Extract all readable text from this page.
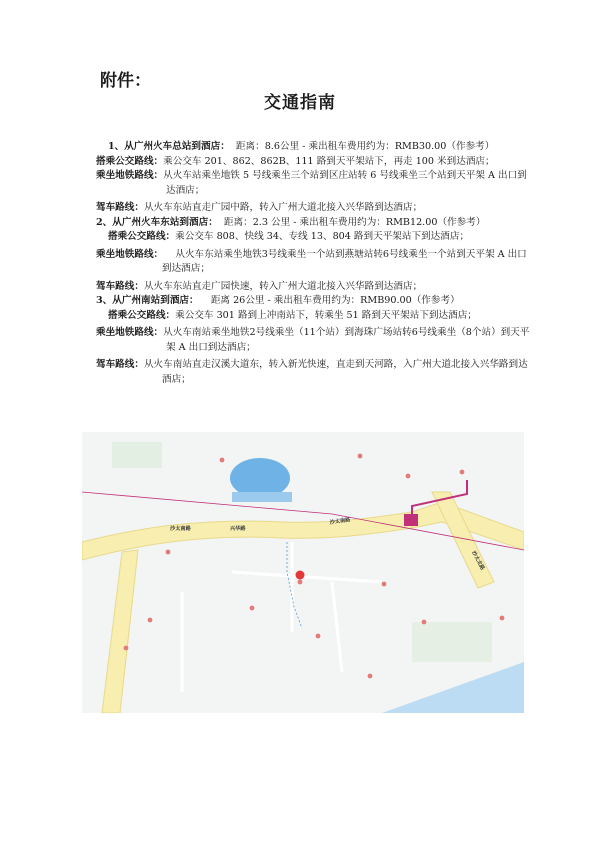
附件：
交通指南
1、从广州火车总站到酒店： 距离：8.6公里 - 乘出租车费用约为：RMB30.00（作参考）
搭乘公交路线：乘公交车 201、862、862B、111 路到天平架站下，再走 100 米到达酒店；
乘坐地铁路线：从火车站乘坐地铁 5 号线乘坐三个站到区庄站转 6 号线乘坐三个站到天平架 A 出口到达酒店；
驾车路线：从火车东站直走广园中路，转入广州大道北接入兴华路到达酒店；
2、从广州火车东站到酒店： 距离：2.3 公里 - 乘出租车费用约为：RMB12.00（作参考）
搭乘公交路线：乘公交车 808、快线 34、专线 13、804 路到天平架站下到达酒店；
乘坐地铁路线： 从火车东站乘坐地铁3号线乘坐一个站到燕塘站转6号线乘坐一个站到天平架 A 出口到达酒店；
驾车路线：从火车东站直走广园快速，转入广州大道北接入兴华路到达酒店；
3、从广州南站到酒店： 距离 26公里 - 乘出租车费用约为：RMB90.00（作参考）
搭乘公交路线：乘公交车 301 路到上冲南站下，转乘坐 51 路到天平架站下到达酒店；
乘坐地铁路线：从火车南站乘坐地铁2号线乘坐（11个站）到海珠广场站转6号线乘坐（8个站）到天平架 A 出口到达酒店；
驾车路线：从火车南站直走汉溪大道东，转入新光快速，直走到天河路，入广州大道北接入兴华路到达酒店；
沙太南路	兴华路
沙太南路
沙太北路
